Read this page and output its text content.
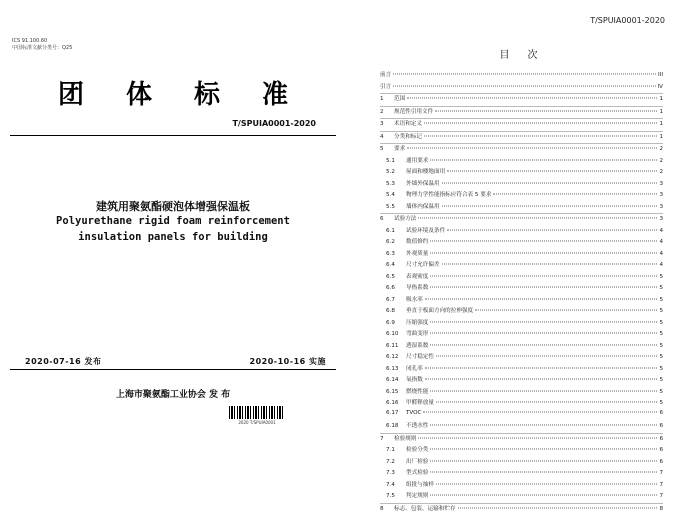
ICS 91.100.60
中国标准文献分类号：Q25
团 体 标 准
T/SPUIA0001-2020
建筑用聚氨酯硬泡体增强保温板
Polyurethane rigid foam reinforcement insulation panels for building
2020-07-16 发布	2020-10-16 实施
上海市聚氨酯工业协会 发 布
2020 T/SPUIA0001
T/SPUIA0001-2020
目次
前言	III
引言	IV
1	范围	1
2	规范性引用文件	1
3	术语和定义	1
4	分类和标记	1
5	要求	2
5.1	通用要求	2
5.2	屋面和楼地面用	2
5.3	外墙外保温用	3
5.4	物理力学性能指标应符合表 5 要求	3
5.5	墙体内保温用	3
6	试验方法	3
6.1	试验环境及条件	4
6.2	数值修约	4
6.3	外观质量	4
6.4	尺寸允许偏差	4
6.5	表观密度	5
6.6	导热系数	5
6.7	吸水率	5
6.8	垂直于板面方向的拉伸强度	5
6.9	压缩强度	5
6.10	弯曲变形	5
6.11	透湿系数	5
6.12	尺寸稳定性	5
6.13	闭孔率	5
6.14	氧指数	5
6.15	燃烧性能	5
6.16	甲醛释放量	5
6.17	TVOC	6
6.18	不透水性	6
7	检验规则	6
7.1	检验分类	6
7.2	出厂检验	6
7.3	型式检验	7
7.4	组批与抽样	7
7.5	判定规则	7
8	标志、包装、运输和贮存	8
